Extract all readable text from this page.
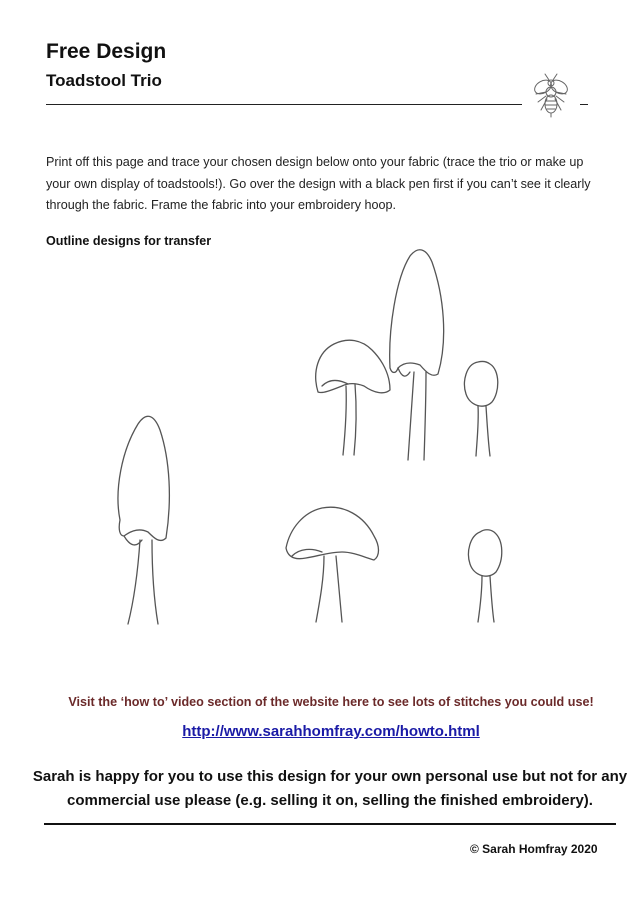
Free Design
Toadstool Trio
Print off this page and trace your chosen design below onto your fabric (trace the trio or make up your own display of toadstools!). Go over the design with a black pen first if you can’t see it clearly through the fabric. Frame the fabric into your embroidery hoop.
Outline designs for transfer
Visit the ‘how to’ video section of the website here to see lots of stitches you could use!
http://www.sarahhomfray.com/howto.html
Sarah is happy for you to use this design for your own personal use but not for any commercial use please (e.g. selling it on, selling the finished embroidery).
© Sarah Homfray 2020
